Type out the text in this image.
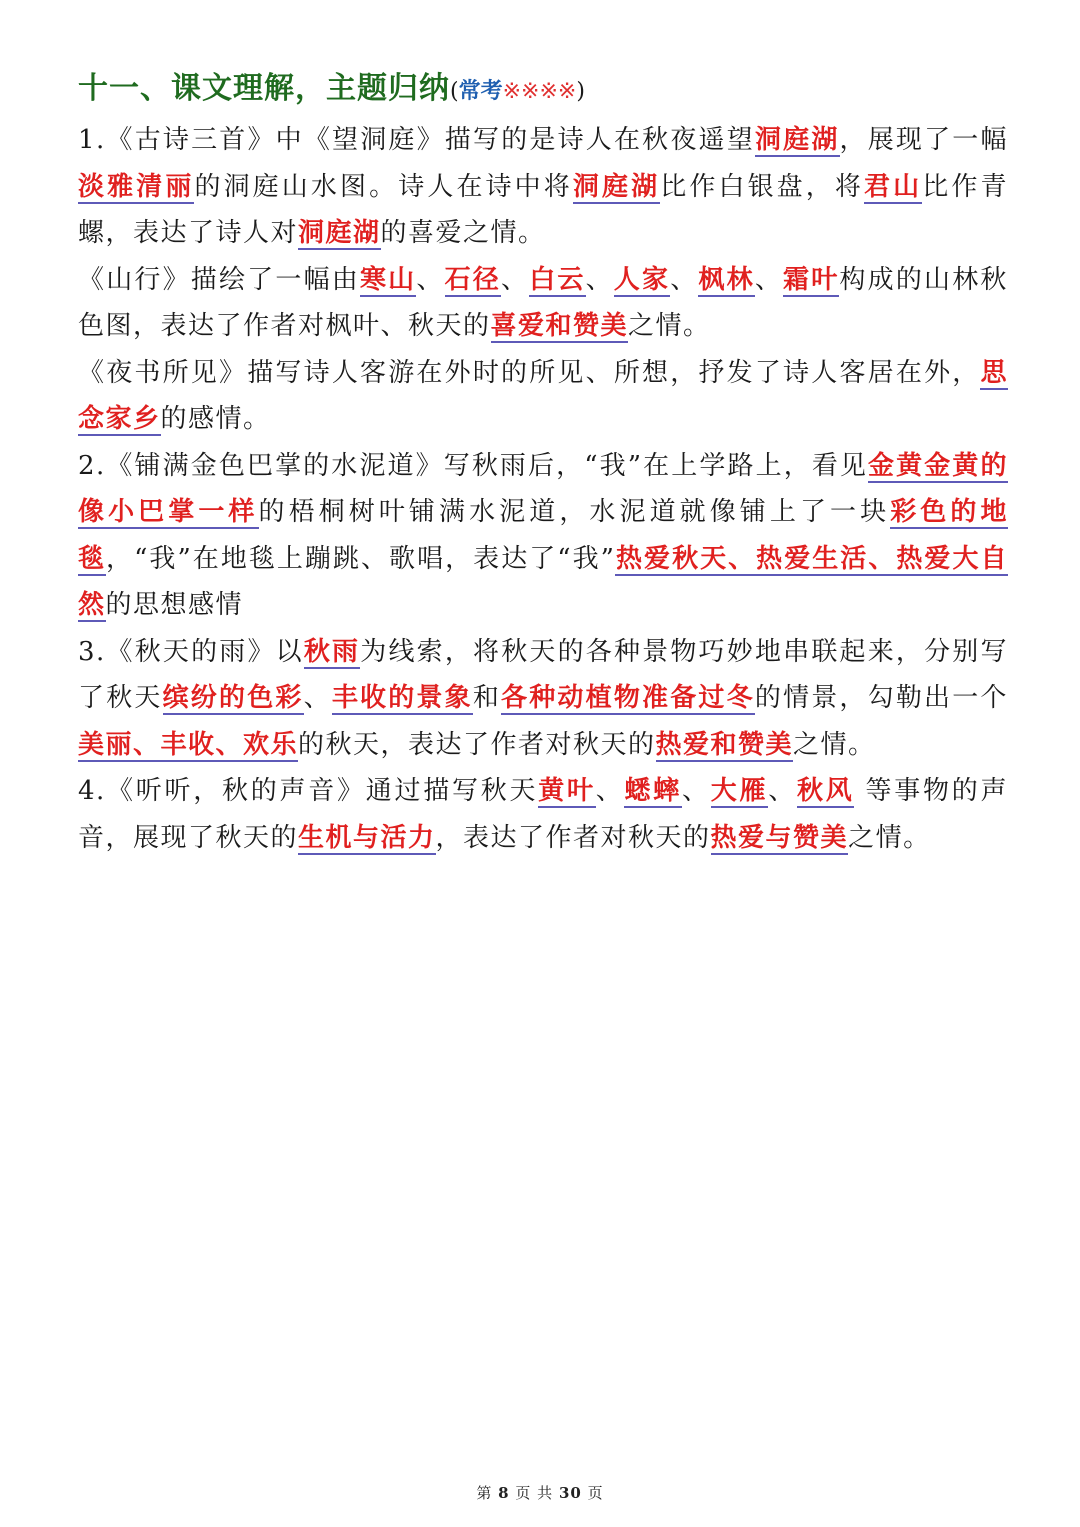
十一、课文理解，主题归纳(常考※※※※)

1.《古诗三首》中《望洞庭》描写的是诗人在秋夜遥望洞庭湖，展现了一幅淡雅清丽的洞庭山水图。诗人在诗中将洞庭湖比作白银盘，将君山比作青螺，表达了诗人对洞庭湖的喜爱之情。

《山行》描绘了一幅由寒山、石径、白云、人家、枫林、霜叶构成的山林秋色图，表达了作者对枫叶、秋天的喜爱和赞美之情。

《夜书所见》描写诗人客游在外时的所见、所想，抒发了诗人客居在外，思念家乡的感情。

2.《铺满金色巴掌的水泥道》写秋雨后，“我”在上学路上，看见金黄金黄的像小巴掌一样的梧桐树叶铺满水泥道，水泥道就像铺上了一块彩色的地毯，“我”在地毯上蹦跳、歌唱，表达了“我”热爱秋天、热爱生活、热爱大自然的思想感情

3.《秋天的雨》以秋雨为线索，将秋天的各种景物巧妙地串联起来，分别写了秋天缤纷的色彩、丰收的景象和各种动植物准备过冬的情景，勾勒出一个美丽、丰收、欢乐的秋天，表达了作者对秋天的热爱和赞美之情。

4.《听听，秋的声音》通过描写秋天黄叶、蟋蟀、大雁、秋风 等事物的声音，展现了秋天的生机与活力，表达了作者对秋天的热爱与赞美之情。

第 8 页 共 30 页
